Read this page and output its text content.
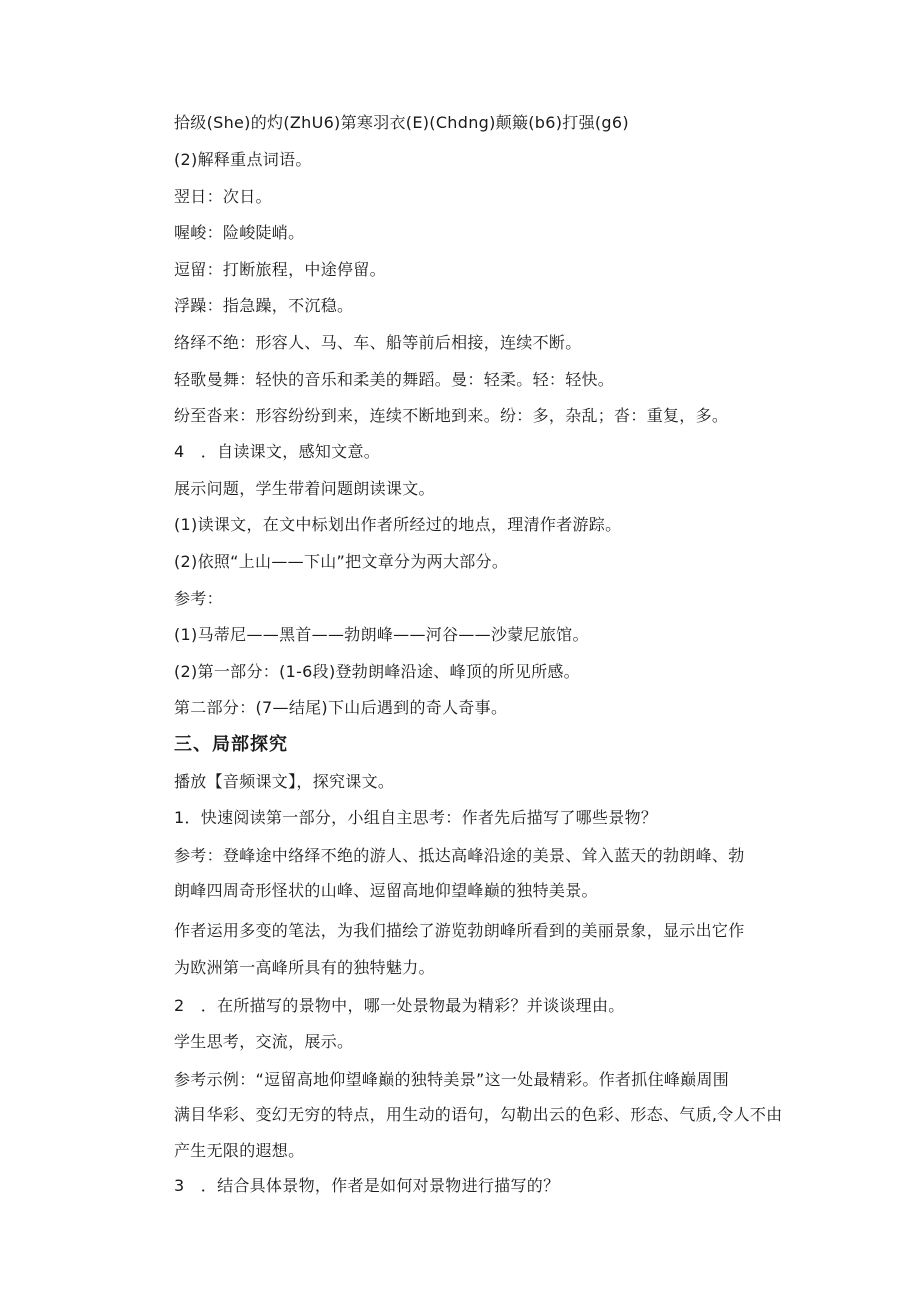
拾级(She)的灼(ZhU6)第寒羽衣(E)(Chdng)颠簸(b6)打强(g6)
(2)解释重点词语。
翌日：次日。
喔峻：险峻陡峭。
逗留：打断旅程，中途停留。
浮躁：指急躁，不沉稳。
络绎不绝：形容人、马、车、船等前后相接，连续不断。
轻歌曼舞：轻快的音乐和柔美的舞蹈。曼：轻柔。轻：轻快。
纷至沓来：形容纷纷到来，连续不断地到来。纷：多，杂乱；沓：重复，多。
4　．自读课文，感知文意。
展示问题，学生带着问题朗读课文。
(1)读课文，在文中标划出作者所经过的地点，理清作者游踪。
(2)依照“上山——下山”把文章分为两大部分。
参考：
(1)马蒂尼——黑首——勃朗峰——河谷——沙蒙尼旅馆。
(2)第一部分：(1-6段)登勃朗峰沿途、峰顶的所见所感。
第二部分：(7—结尾)下山后遇到的奇人奇事。
三、局部探究
播放【音频课文】，探究课文。
1．快速阅读第一部分，小组自主思考：作者先后描写了哪些景物？
参考：登峰途中络绎不绝的游人、抵达高峰沿途的美景、耸入蓝天的勃朗峰、勃
朗峰四周奇形怪状的山峰、逗留高地仰望峰巅的独特美景。
作者运用多变的笔法，为我们描绘了游览勃朗峰所看到的美丽景象，显示出它作
为欧洲第一高峰所具有的独特魅力。
2　．在所描写的景物中，哪一处景物最为精彩？并谈谈理由。
学生思考，交流，展示。
参考示例：“逗留高地仰望峰巅的独特美景”这一处最精彩。作者抓住峰巅周围
满目华彩、变幻无穷的特点，用生动的语句，勾勒出云的色彩、形态、气质,令人不由
产生无限的遐想。
3　．结合具体景物，作者是如何对景物进行描写的？
